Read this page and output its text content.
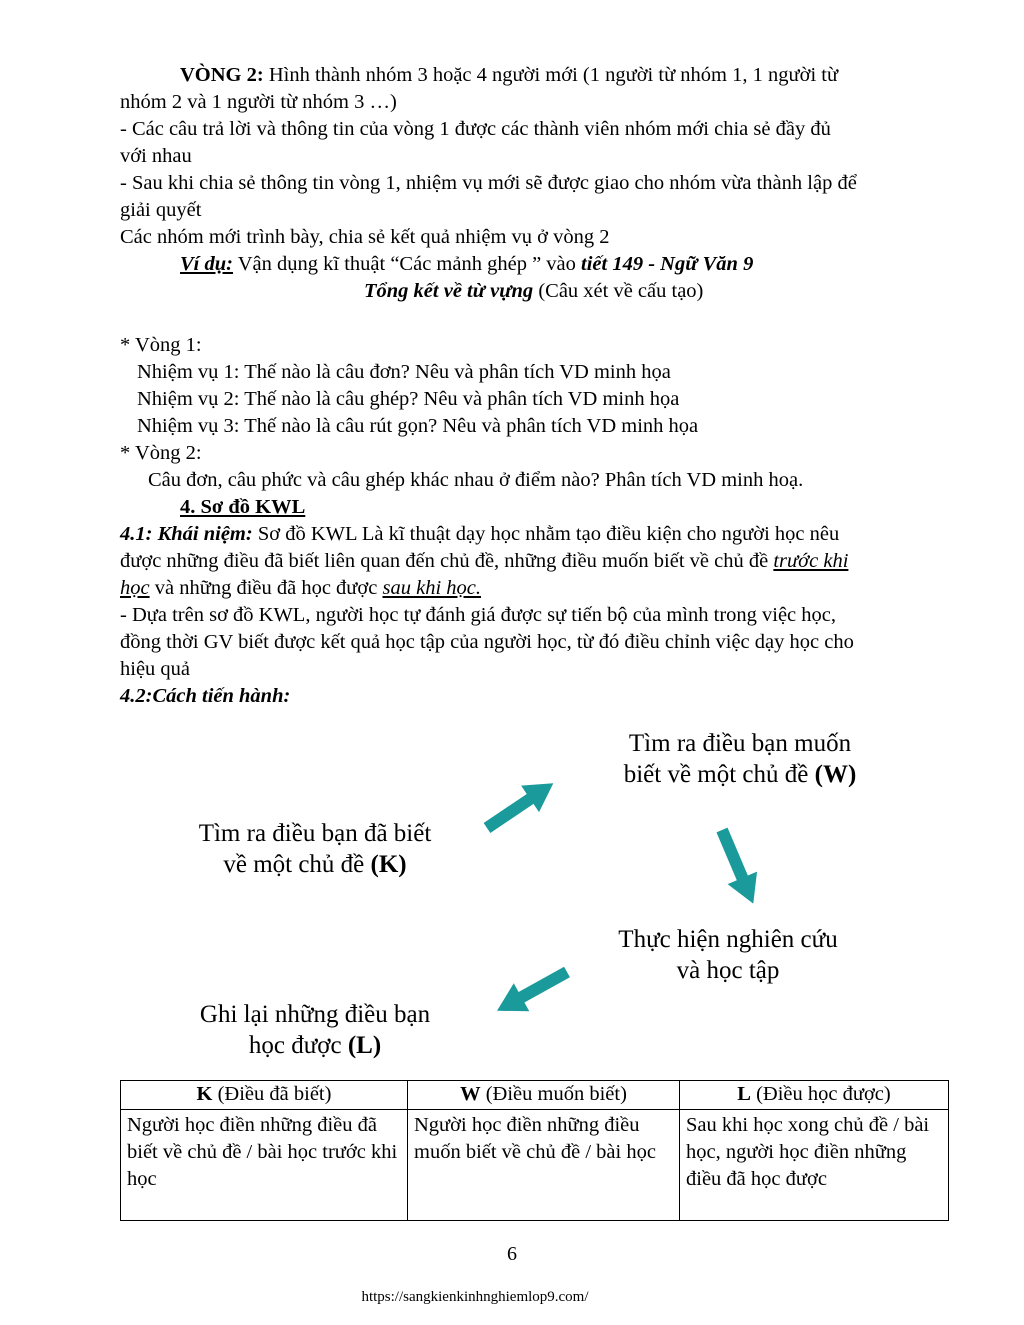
VÒNG 2: Hình thành nhóm 3 hoặc 4 người mới (1 người từ nhóm 1, 1 người từ
nhóm 2 và 1 người từ nhóm 3 …)
- Các câu trả lời và thông tin của vòng 1 được các thành viên nhóm mới chia sẻ đầy đủ
với nhau
- Sau khi chia sẻ thông tin vòng 1, nhiệm vụ mới sẽ được giao cho nhóm vừa thành lập để
giải quyết
Các nhóm mới trình bày, chia sẻ kết quả nhiệm vụ ở vòng 2
Ví dụ: Vận dụng kĩ thuật “Các mảnh ghép ” vào tiết 149 - Ngữ Văn 9
Tổng kết về từ vựng (Câu xét về cấu tạo)
* Vòng 1:
Nhiệm vụ 1: Thế nào là câu đơn? Nêu và phân tích VD minh họa
Nhiệm vụ 2: Thế nào là câu ghép? Nêu và phân tích VD minh họa
Nhiệm vụ 3: Thế nào là câu rút gọn? Nêu và phân tích VD minh họa
* Vòng 2:
Câu đơn, câu phức và câu ghép khác nhau ở điểm nào? Phân tích VD minh hoạ.
4. Sơ đồ KWL
4.1: Khái niệm: Sơ đồ KWL Là kĩ thuật dạy học nhằm tạo điều kiện cho người học nêu
được những điều đã biết liên quan đến chủ đề, những điều muốn biết về chủ đề trước khi
học và những điều đã học được sau khi học.
- Dựa trên sơ đồ KWL, người học tự đánh giá được sự tiến bộ của mình trong việc học,
đồng thời GV biết được kết quả học tập của người học, từ đó điều chỉnh việc dạy học cho
hiệu quả
4.2:Cách tiến hành:
Tìm ra điều bạn muốn
biết về một chủ đề (W)
Tìm ra điều bạn đã biết
về một chủ đề (K)
Thực hiện nghiên cứu
và học tập
Ghi lại những điều bạn
học được (L)
K (Điều đã biết)	W (Điều muốn biết)	L (Điều học được)
Người học điền những điều đã biết về chủ đề / bài học trước khi học	Người học điền những điều muốn biết về chủ đề / bài học	Sau khi học xong chủ đề / bài học, người học điền những điều đã học được
6
https://sangkienkinhnghiemlop9.com/
